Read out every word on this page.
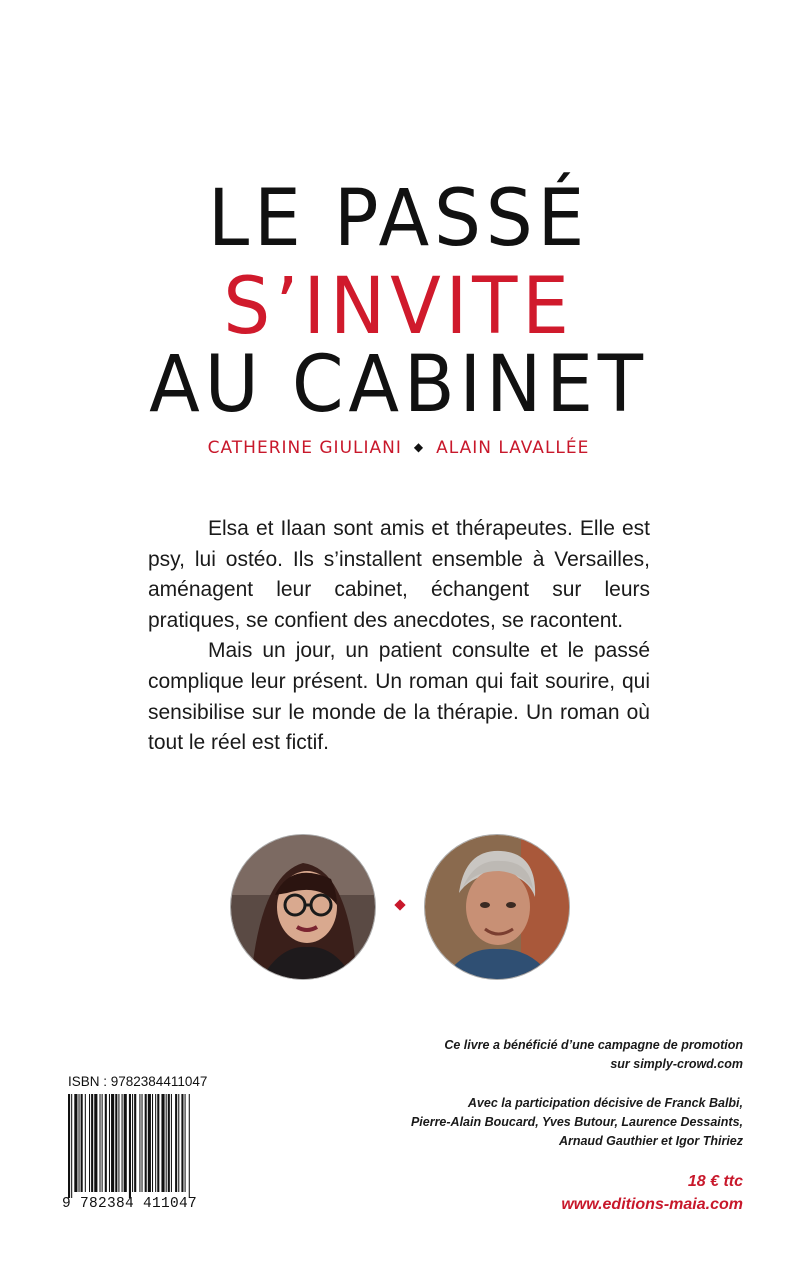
LE PASSÉ
S’INVITE
AU CABINET
CATHERINE GIULIANI ◆ ALAIN LAVALLÉE

Elsa et Ilaan sont amis et thérapeutes. Elle est psy, lui ostéo. Ils s’installent ensemble à Versailles, aménagent leur cabinet, échangent sur leurs pratiques, se confient des anecdotes, se racontent.

Mais un jour, un patient consulte et le passé complique leur présent. Un roman qui fait sourire, qui sensibilise sur le monde de la thérapie. Un roman où tout le réel est fictif.

Ce livre a bénéficié d’une campagne de promotion
sur simply-crowd.com
Avec la participation décisive de Franck Balbi,
Pierre-Alain Boucard, Yves Butour, Laurence Dessaints,
Arnaud Gauthier et Igor Thiriez
18 € ttc
www.editions-maia.com
ISBN : 9782384411047
9 782384 411047
